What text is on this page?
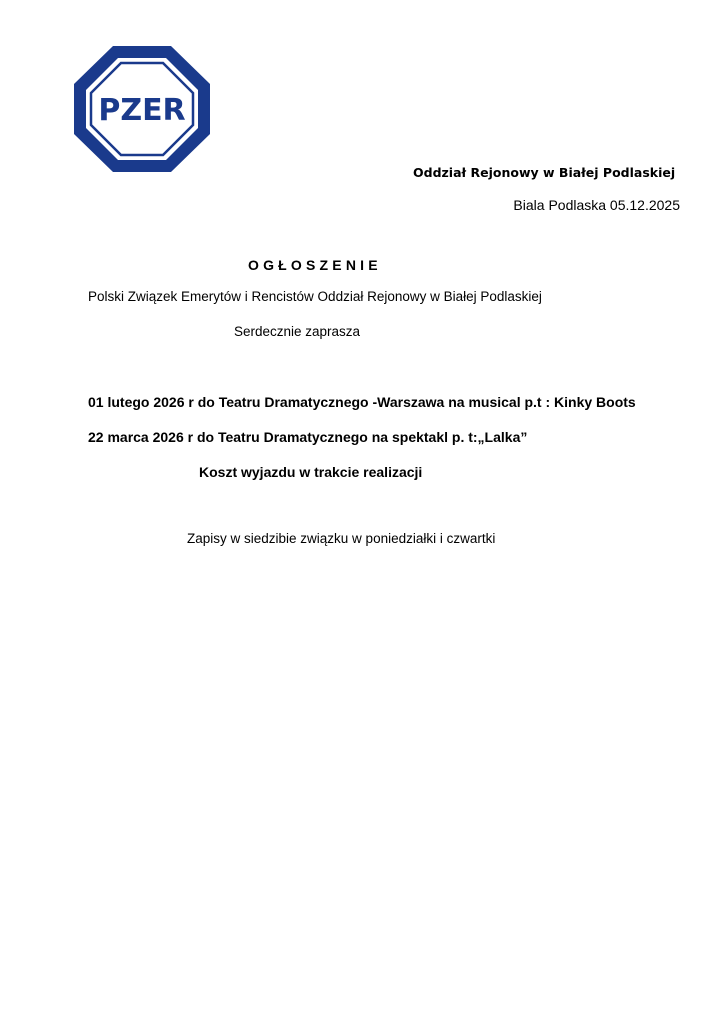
PZER

Oddział Rejonowy w Białej Podlaskiej

Biala Podlaska 05.12.2025

OGŁOSZENIE

Polski Związek Emerytów i Rencistów Oddział Rejonowy w Białej Podlaskiej

Serdecznie zaprasza

01 lutego 2026 r do Teatru Dramatycznego -Warszawa na musical p.t : Kinky Boots

22 marca 2026 r do Teatru Dramatycznego na spektakl p. t:„Lalka”

Koszt wyjazdu w trakcie realizacji

Zapisy w siedzibie związku w poniedziałki i czwartki
